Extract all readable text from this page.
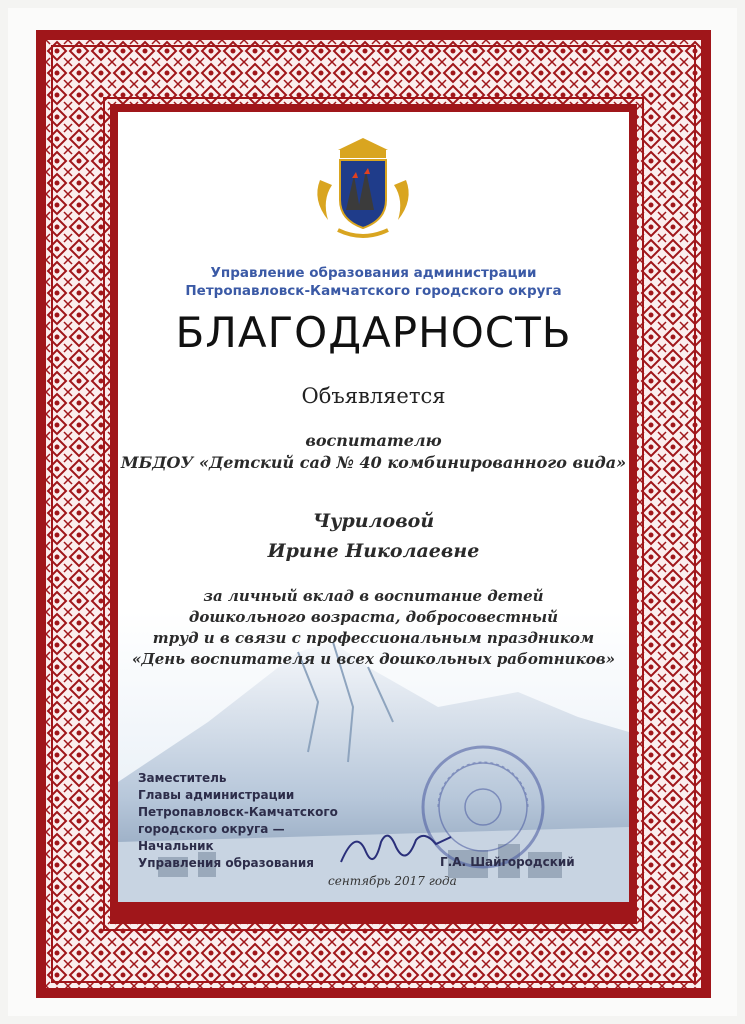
Управление образования администрации
Петропавловск-Камчатского городского округа
БЛАГОДАРНОСТЬ
Объявляется
воспитателю
МБДОУ «Детский сад № 40 комбинированного вида»
Чуриловой
Ирине Николаевне
за личный вклад в воспитание детей
дошкольного возраста, добросовестный
труд и в связи с профессиональным праздником
«День воспитателя и всех дошкольных работников»
Заместитель
Главы администрации
Петропавловск-Камчатского
городского округа —
Начальник
Управления образования	Г.А. Шайгородский
сентябрь 2017 года
